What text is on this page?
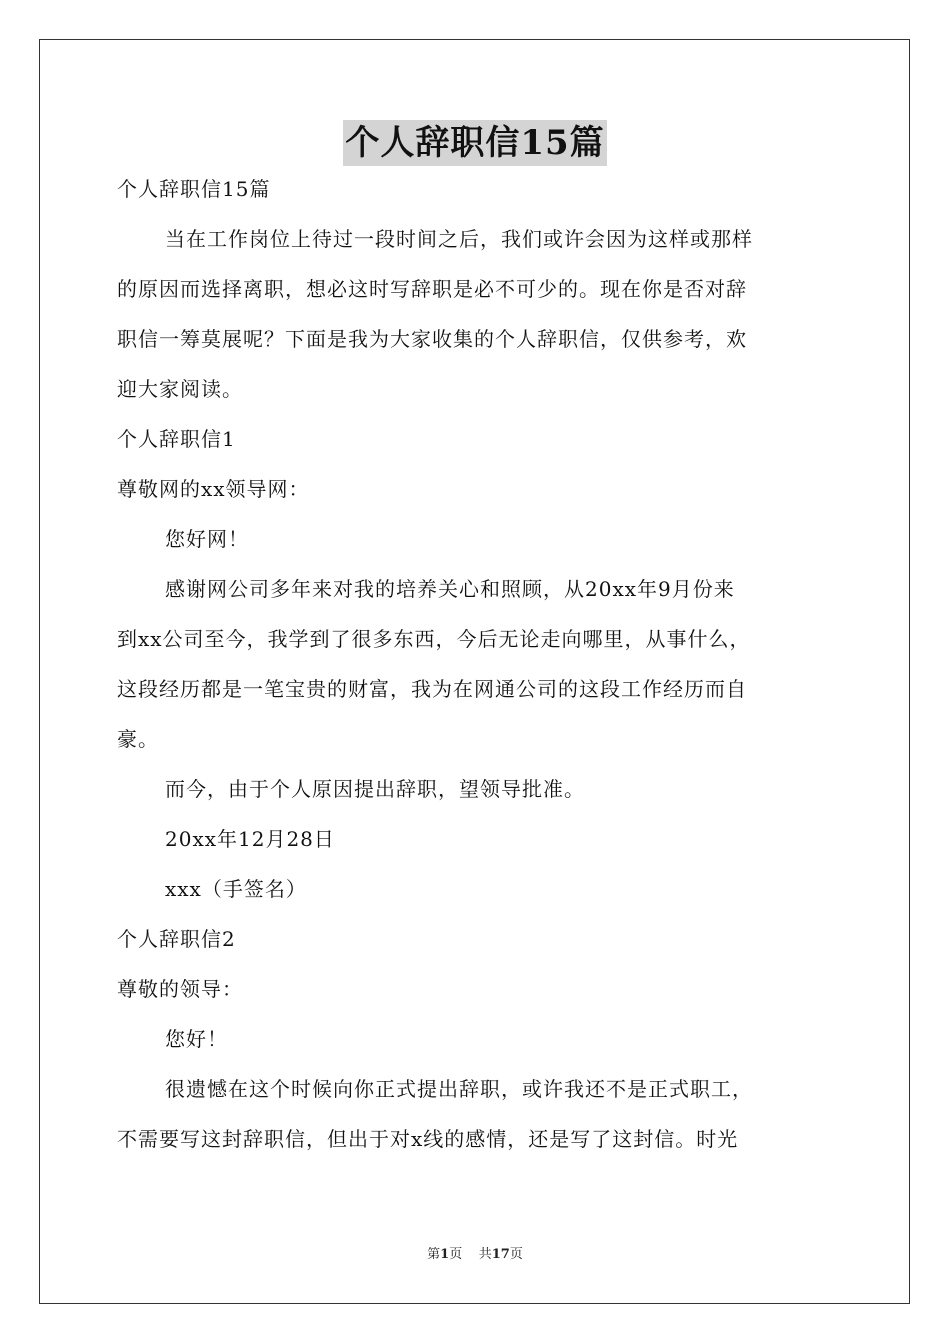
个人辞职信15篇
个人辞职信15篇
当在工作岗位上待过一段时间之后，我们或许会因为这样或那样
的原因而选择离职，想必这时写辞职是必不可少的。现在你是否对辞
职信一筹莫展呢？下面是我为大家收集的个人辞职信，仅供参考，欢
迎大家阅读。
个人辞职信1
尊敬网的xx领导网：
您好网！
感谢网公司多年来对我的培养关心和照顾，从20xx年9月份来
到xx公司至今，我学到了很多东西，今后无论走向哪里，从事什么，
这段经历都是一笔宝贵的财富，我为在网通公司的这段工作经历而自
豪。
而今，由于个人原因提出辞职，望领导批准。
20xx年12月28日
xxx（手签名）
个人辞职信2
尊敬的领导：
您好！
很遗憾在这个时候向你正式提出辞职，或许我还不是正式职工，
不需要写这封辞职信，但出于对x线的感情，还是写了这封信。时光
第1页 共17页
